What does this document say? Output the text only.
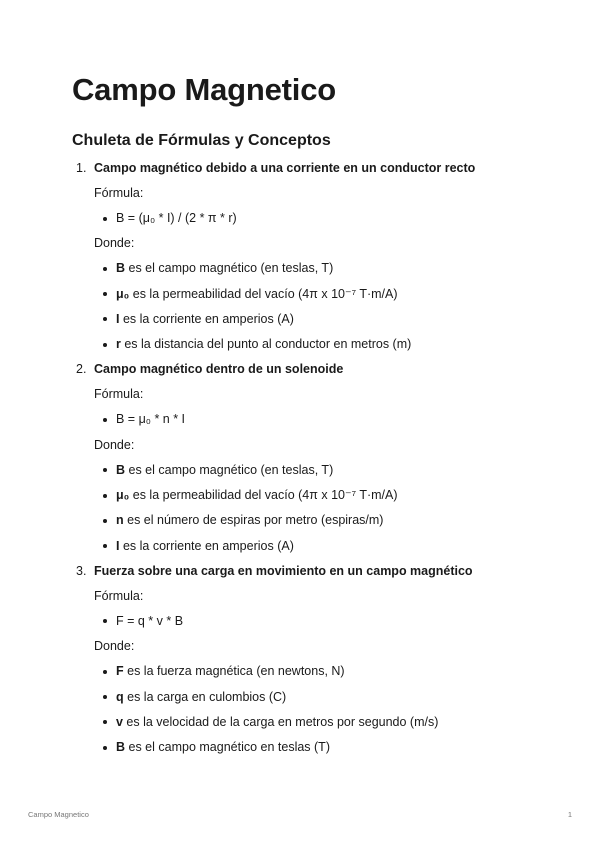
Campo Magnetico
Chuleta de Fórmulas y Conceptos
1. Campo magnético debido a una corriente en un conductor recto
Fórmula:
B = (μ₀ * I) / (2 * π * r)
Donde:
B es el campo magnético (en teslas, T)
μ₀ es la permeabilidad del vacío (4π x 10⁻⁷ T·m/A)
I es la corriente en amperios (A)
r es la distancia del punto al conductor en metros (m)
2. Campo magnético dentro de un solenoide
Fórmula:
B = μ₀ * n * I
Donde:
B es el campo magnético (en teslas, T)
μ₀ es la permeabilidad del vacío (4π x 10⁻⁷ T·m/A)
n es el número de espiras por metro (espiras/m)
I es la corriente en amperios (A)
3. Fuerza sobre una carga en movimiento en un campo magnético
Fórmula:
F = q * v * B
Donde:
F es la fuerza magnética (en newtons, N)
q es la carga en culombios (C)
v es la velocidad de la carga en metros por segundo (m/s)
B es el campo magnético en teslas (T)
Campo Magnetico	1
